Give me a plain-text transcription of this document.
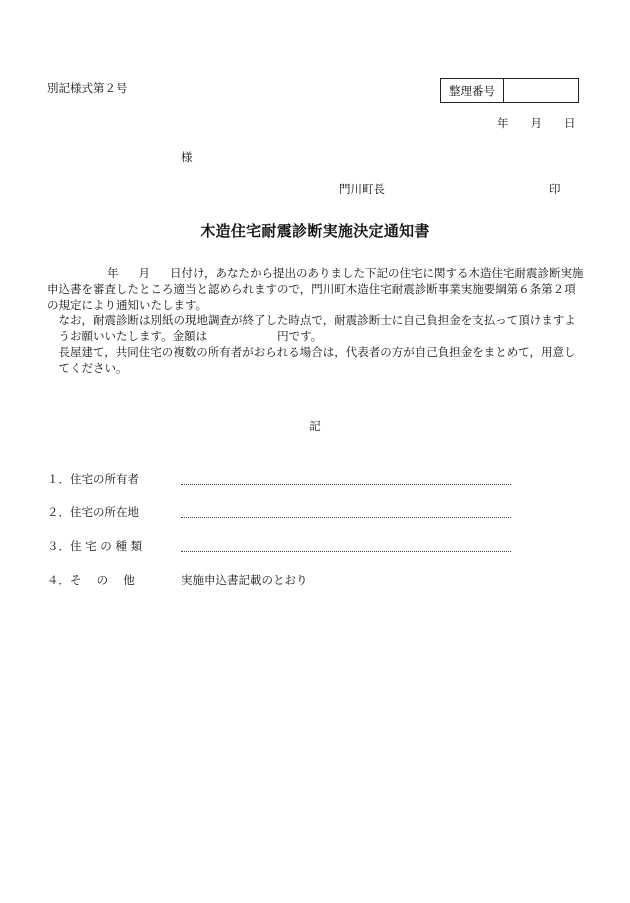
別記様式第２号	整理番号
年 月 日
様
門川町長	印
木造住宅耐震診断実施決定通知書

年 月 日付け，あなたから提出のありました下記の住宅に関する木造住宅耐震診断実施申込書を審査したところ適当と認められますので，門川町木造住宅耐震診断事業実施要綱第６条第２項の規定により通知いたします。

なお，耐震診断は別紙の現地調査が終了した時点で，耐震診断士に自己負担金を支払って頂けますようお願いいたします。金額は	円です。

長屋建て，共同住宅の複数の所有者がおられる場合は，代表者の方が自己負担金をまとめて，用意してください。

記
１．住宅の所有者
２．住宅の所在地
３．住 宅 の 種 類
４．そ　 の　 他	実施申込書記載のとおり
